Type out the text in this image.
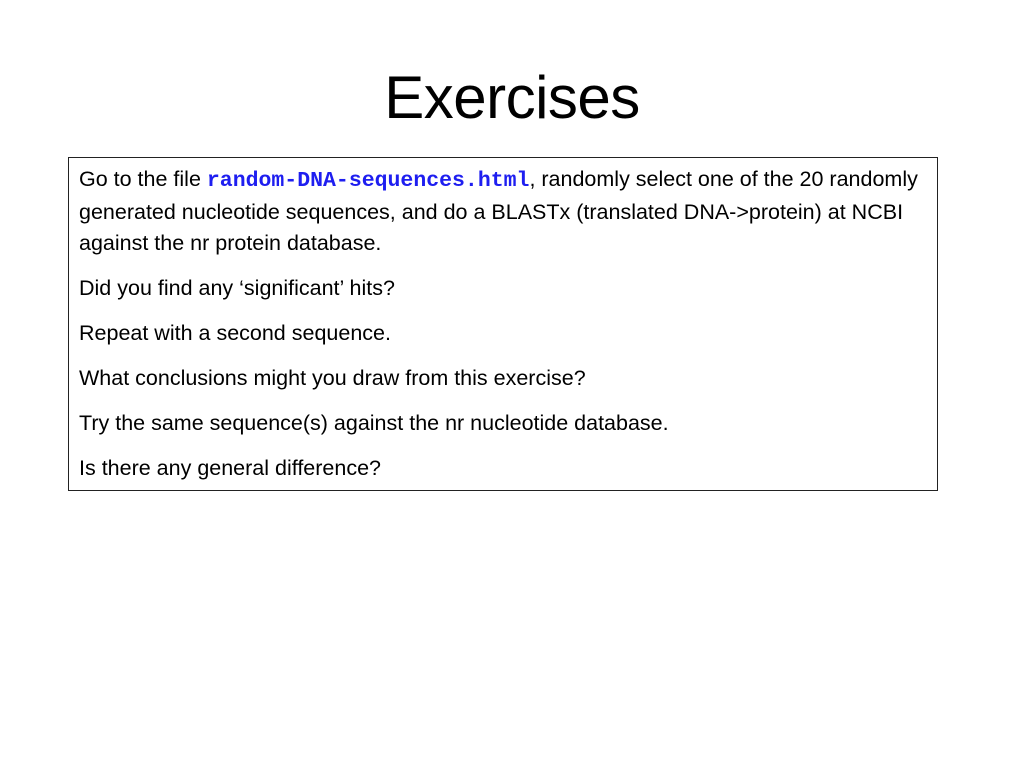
Exercises

Go to the file random-DNA-sequences.html, randomly select one of the 20 randomly generated nucleotide sequences, and do a BLASTx (translated DNA->protein) at NCBI against the nr protein database.

Did you find any ‘significant’ hits?

Repeat with a second sequence.

What conclusions might you draw from this exercise?

Try the same sequence(s) against the nr nucleotide database.

Is there any general difference?
